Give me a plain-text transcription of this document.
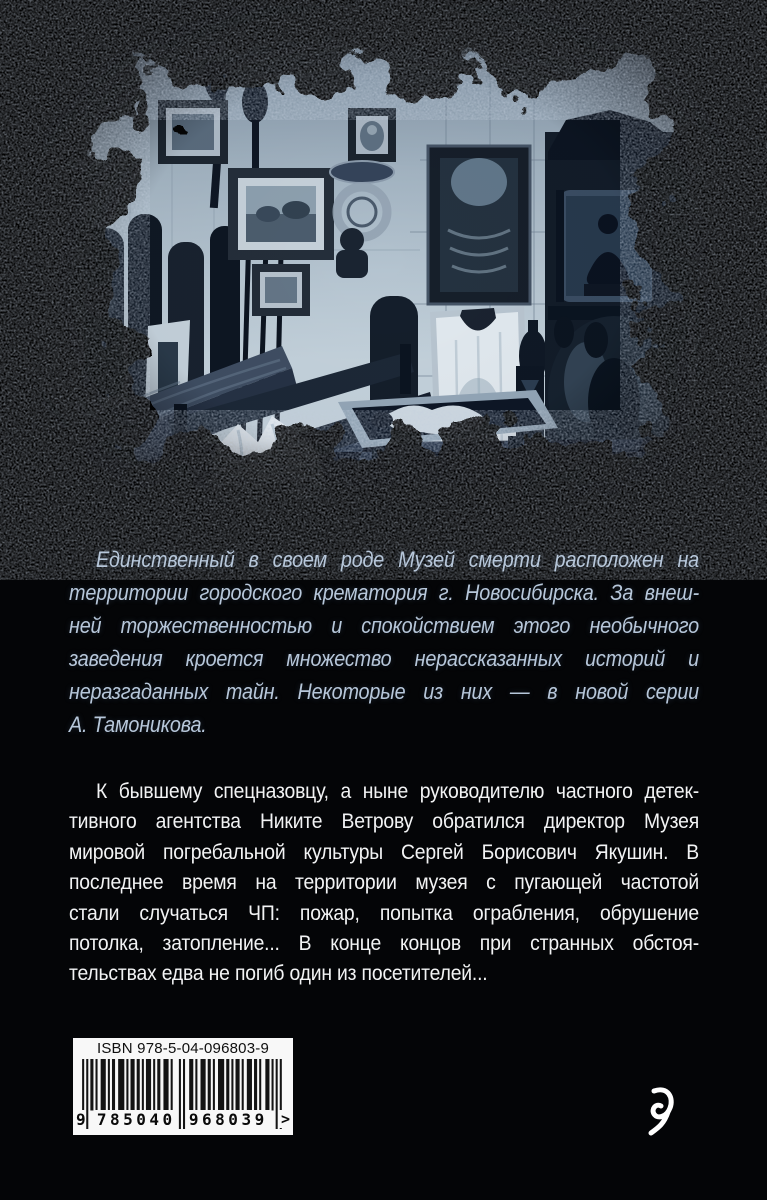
Единственный в своем роде Музей смерти расположен на
территории городского крематория г. Новосибирска. За внеш-
ней торжественностью и спокойствием этого необычного
заведения кроется множество нерассказанных историй и
неразгаданных тайн. Некоторые из них — в новой серии
А. Тамоникова.
К бывшему спецназовцу, а ныне руководителю частного детек-
тивного агентства Никите Ветрову обратился директор Музея
мировой погребальной культуры Сергей Борисович Якушин. В
последнее время на территории музея с пугающей частотой
стали случаться ЧП: пожар, попытка ограбления, обрушение
потолка, затопление... В конце концов при странных обстоя-
тельствах едва не погиб один из посетителей...
ISBN 978-5-04-096803-9
9 785040 968039 >
